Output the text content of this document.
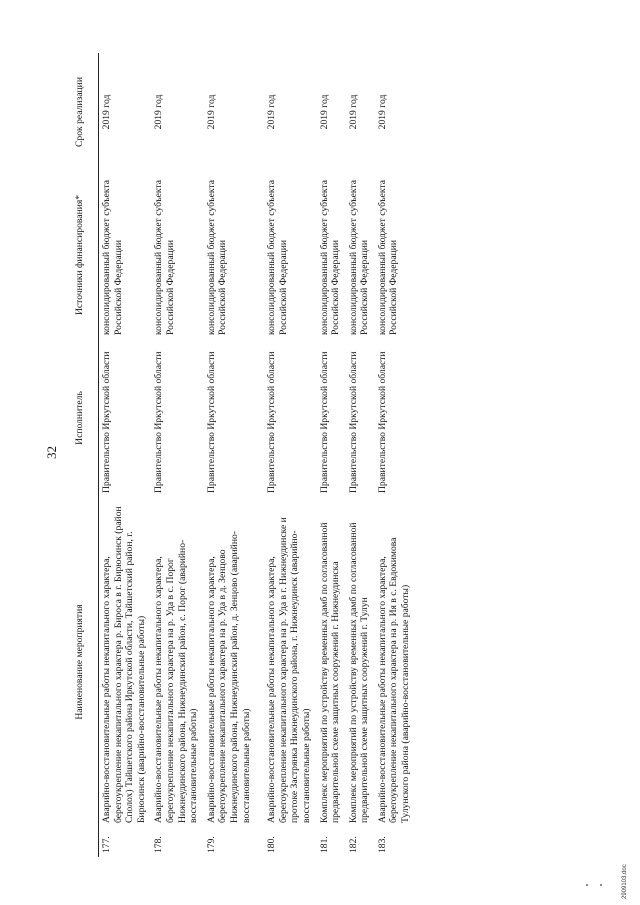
32
	Наименование мероприятия	Исполнитель	Источники финансирования*	Срок реализации
177.	Аварийно-восстановительные работы некапитального характера, берегоукрепление некапитального характера р. Бироса в г. Бирюсинск (район Сполох) Тайшетского района Иркутской области, Тайшетский район, г. Бирюсинск (аварийно-восстановительные работы)	Правительство Иркутской области	консолидированный бюджет субъекта Российской Федерации	2019 год
178.	Аварийно-восстановительные работы некапитального характера, берегоукрепление некапитального характера на р. Уда в с. Порог Нижнеудинского района, Нижнеудинский район, с. Порог (аварийно-восстановительные работы)	Правительство Иркутской области	консолидированный бюджет субъекта Российской Федерации	2019 год
179.	Аварийно-восстановительные работы некапитального характера, берегоукрепление некапитального характера на р. Уда в д. Зенцово Нижнеудинского района, Нижнеудинский район, д. Зенцово (аварийно-восстановительные работы)	Правительство Иркутской области	консолидированный бюджет субъекта Российской Федерации	2019 год
180.	Аварийно-восстановительные работы некапитального характера, берегоукрепление некапитального характера на р. Уда в г. Нижнеудинске и протоке Застрянка Нижнеудинского района, г. Нижнеудинск (аварийно-восстановительные работы)	Правительство Иркутской области	консолидированный бюджет субъекта Российской Федерации	2019 год
181.	Комплекс мероприятий по устройству временных дамб по согласованной предварительной схеме защитных сооружений г. Нижнеудинска	Правительство Иркутской области	консолидированный бюджет субъекта Российской Федерации	2019 год
182.	Комплекс мероприятий по устройству временных дамб по согласованной предварительной схеме защитных сооружений г. Тулун	Правительство Иркутской области	консолидированный бюджет субъекта Российской Федерации	2019 год
183.	Аварийно-восстановительные работы некапитального характера, берегоукрепление некапитального характера на р. Ия в с. Евдокимова Тулунского района (аварийно-восстановительные работы)	Правительство Иркутской области	консолидированный бюджет субъекта Российской Федерации	2019 год
2909103.doc
